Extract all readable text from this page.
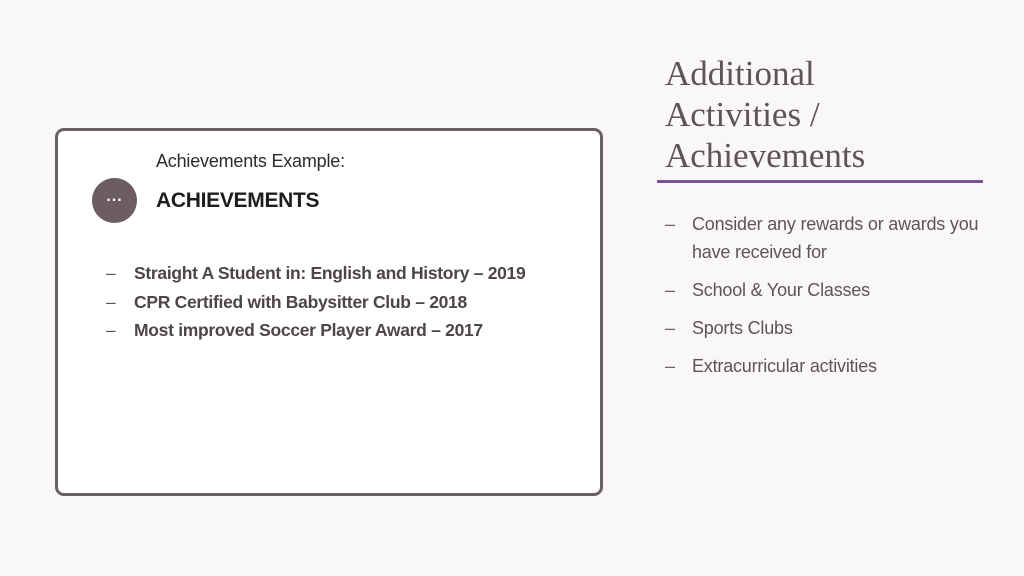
Achievements Example:
...	ACHIEVEMENTS
– Straight A Student in: English and History – 2019
– CPR Certified with Babysitter Club – 2018
– Most improved Soccer Player Award – 2017
Additional
Activities /
Achievements
– Consider any rewards or awards you have received for
– School & Your Classes
– Sports Clubs
– Extracurricular activities
